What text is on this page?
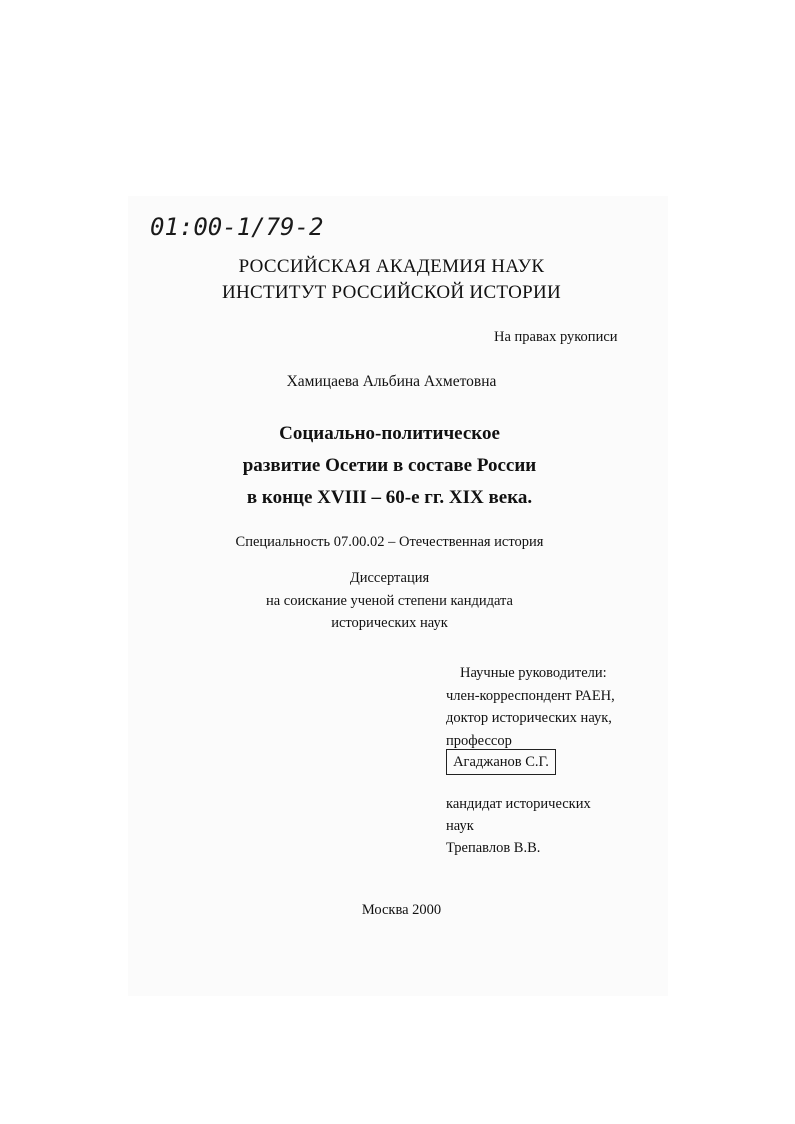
01:00-1/79-2
РОССИЙСКАЯ АКАДЕМИЯ НАУК
ИНСТИТУТ РОССИЙСКОЙ ИСТОРИИ
На правах рукописи
Хамицаева Альбина Ахметовна
Социально-политическое
развитие Осетии в составе России
в конце XVIII – 60-е гг. XIX века.
Специальность 07.00.02 – Отечественная история
Диссертация
на соискание ученой степени кандидата
исторических наук
Научные руководители:
член-корреспондент РАЕН,
доктор исторических наук,
профессор
Агаджанов С.Г.
кандидат исторических
наук
Трепавлов В.В.
Москва 2000
